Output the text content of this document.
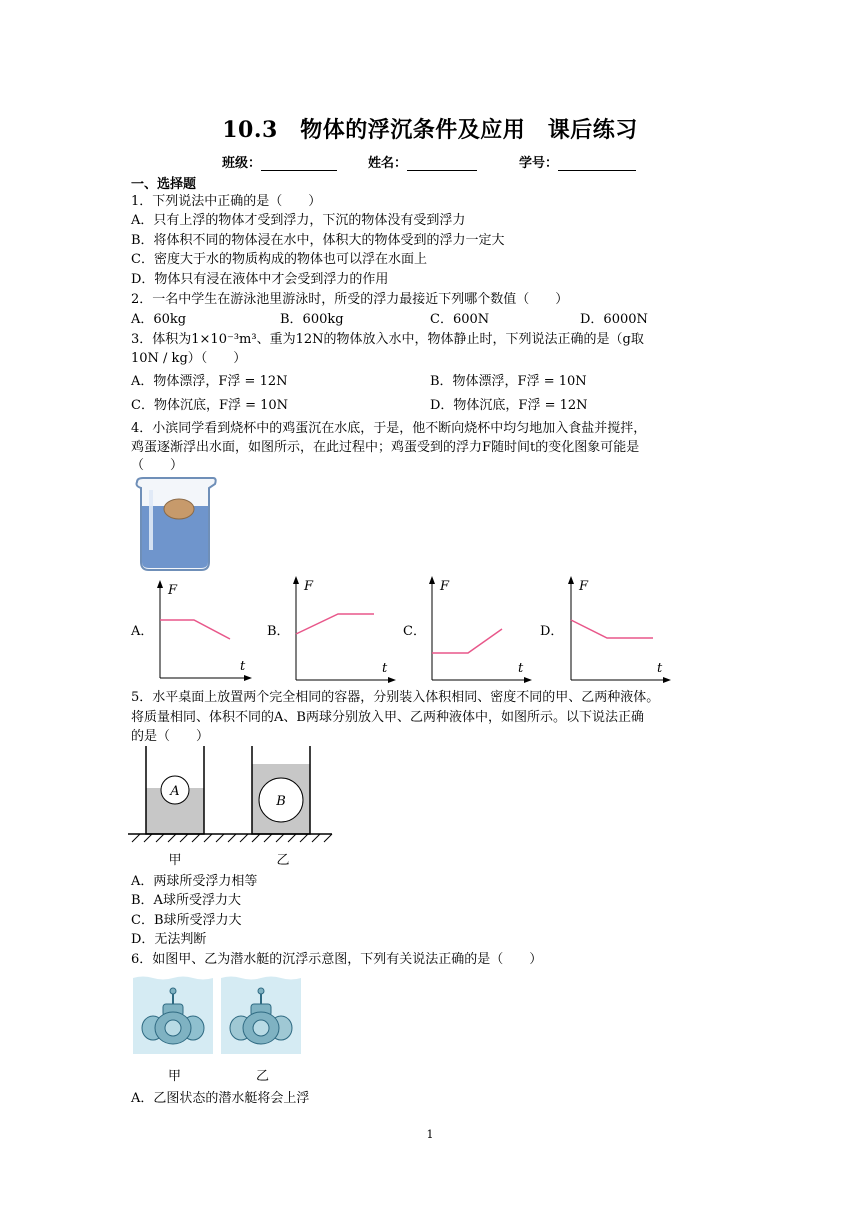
10.3　物体的浮沉条件及应用　课后练习
班级：	姓名：	学号：
一、选择题
1．下列说法中正确的是（　　）
A．只有上浮的物体才受到浮力，下沉的物体没有受到浮力
B．将体积不同的物体浸在水中，体积大的物体受到的浮力一定大
C．密度大于水的物质构成的物体也可以浮在水面上
D．物体只有浸在液体中才会受到浮力的作用
2．一名中学生在游泳池里游泳时，所受的浮力最接近下列哪个数值（　　）
A．60kg	B．600kg	C．600N	D．6000N
3．体积为1×10⁻³m³、重为12N的物体放入水中，物体静止时，下列说法正确的是（g取
10N / kg）（　　）
A．物体漂浮，F浮 = 12N	B．物体漂浮，F浮 = 10N
C．物体沉底，F浮 = 10N	D．物体沉底，F浮 = 12N
4．小滨同学看到烧杯中的鸡蛋沉在水底，于是，他不断向烧杯中均匀地加入食盐并搅拌，
鸡蛋逐渐浮出水面，如图所示，在此过程中；鸡蛋受到的浮力F随时间t的变化图象可能是
（　　）
A．
F
t
B．
F
t
C．
F
t
D．
F
t
5．水平桌面上放置两个完全相同的容器，分别装入体积相同、密度不同的甲、乙两种液体。
将质量相同、体积不同的A、B两球分别放入甲、乙两种液体中，如图所示。以下说法正确
的是（　　）
A
B
甲	乙
A．两球所受浮力相等
B．A球所受浮力大
C．B球所受浮力大
D．无法判断
6．如图甲、乙为潜水艇的沉浮示意图，下列有关说法正确的是（　　）
甲	乙
A．乙图状态的潜水艇将会上浮
1
